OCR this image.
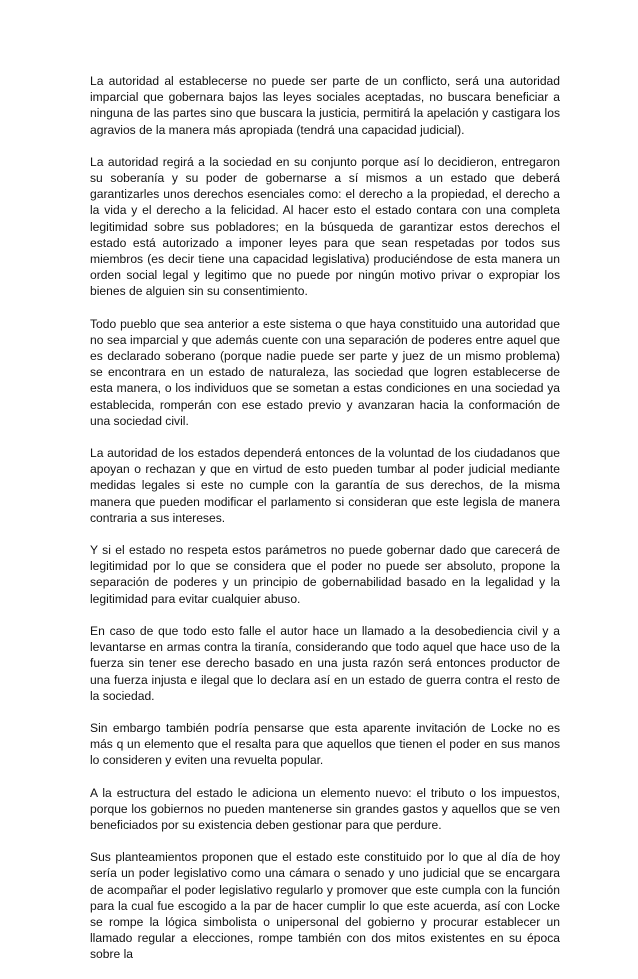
La autoridad al establecerse no puede ser parte de un conflicto, será una autoridad imparcial que gobernara bajos las leyes sociales aceptadas, no buscara beneficiar a ninguna de las partes sino que buscara la justicia, permitirá la apelación y castigara los agravios de la manera más apropiada (tendrá una capacidad judicial).

La autoridad regirá a la sociedad en su conjunto porque así lo decidieron, entregaron su soberanía y su poder de gobernarse a sí mismos a un estado que deberá garantizarles unos derechos esenciales como: el derecho a la propiedad, el derecho a la vida y el derecho a la felicidad. Al hacer esto el estado contara con una completa legitimidad sobre sus pobladores; en la búsqueda de garantizar estos derechos el estado está autorizado a imponer leyes para que sean respetadas por todos sus miembros (es decir tiene una capacidad legislativa) produciéndose de esta manera un orden social legal y legitimo que no puede por ningún motivo privar o expropiar los bienes de alguien sin su consentimiento.

Todo pueblo que sea anterior a este sistema o que haya constituido una autoridad que no sea imparcial y que además cuente con una separación de poderes entre aquel que es declarado soberano (porque nadie puede ser parte y juez de un mismo problema) se encontrara en un estado de naturaleza, las sociedad que logren establecerse de esta manera, o los individuos que se sometan a estas condiciones en una sociedad ya establecida, romperán con ese estado previo y avanzaran hacia la conformación de una sociedad civil.

La autoridad de los estados dependerá entonces de la voluntad de los ciudadanos que apoyan o rechazan y que en virtud de esto pueden tumbar al poder judicial mediante medidas legales si este no cumple con la garantía de sus derechos, de la misma manera que pueden modificar el parlamento si consideran que este legisla de manera contraria a sus intereses.

Y si el estado no respeta estos parámetros no puede gobernar dado que carecerá de legitimidad por lo que se considera que el poder no puede ser absoluto, propone la separación de poderes y un principio de gobernabilidad basado en la legalidad y la legitimidad para evitar cualquier abuso.

En caso de que todo esto falle el autor hace un llamado a la desobediencia civil y a levantarse en armas contra la tiranía, considerando que todo aquel que hace uso de la fuerza sin tener ese derecho basado en una justa razón será entonces productor de una fuerza injusta e ilegal que lo declara así en un estado de guerra contra el resto de la sociedad.

Sin embargo también podría pensarse que esta aparente invitación de Locke no es más q un elemento que el resalta para que aquellos que tienen el poder en sus manos lo consideren y eviten una revuelta popular.

A la estructura del estado le adiciona un elemento nuevo: el tributo o los impuestos, porque los gobiernos no pueden mantenerse sin grandes gastos y aquellos que se ven beneficiados por su existencia deben gestionar para que perdure.

Sus planteamientos proponen que el estado este constituido por lo que al día de hoy sería un poder legislativo como una cámara o senado y uno judicial que se encargara de acompañar el poder legislativo regularlo y promover que este cumpla con la función para la cual fue escogido a la par de hacer cumplir lo que este acuerda, así con Locke se rompe la lógica simbolista o unipersonal del gobierno y procurar establecer un llamado regular a elecciones, rompe también con dos mitos existentes en su época sobre la
